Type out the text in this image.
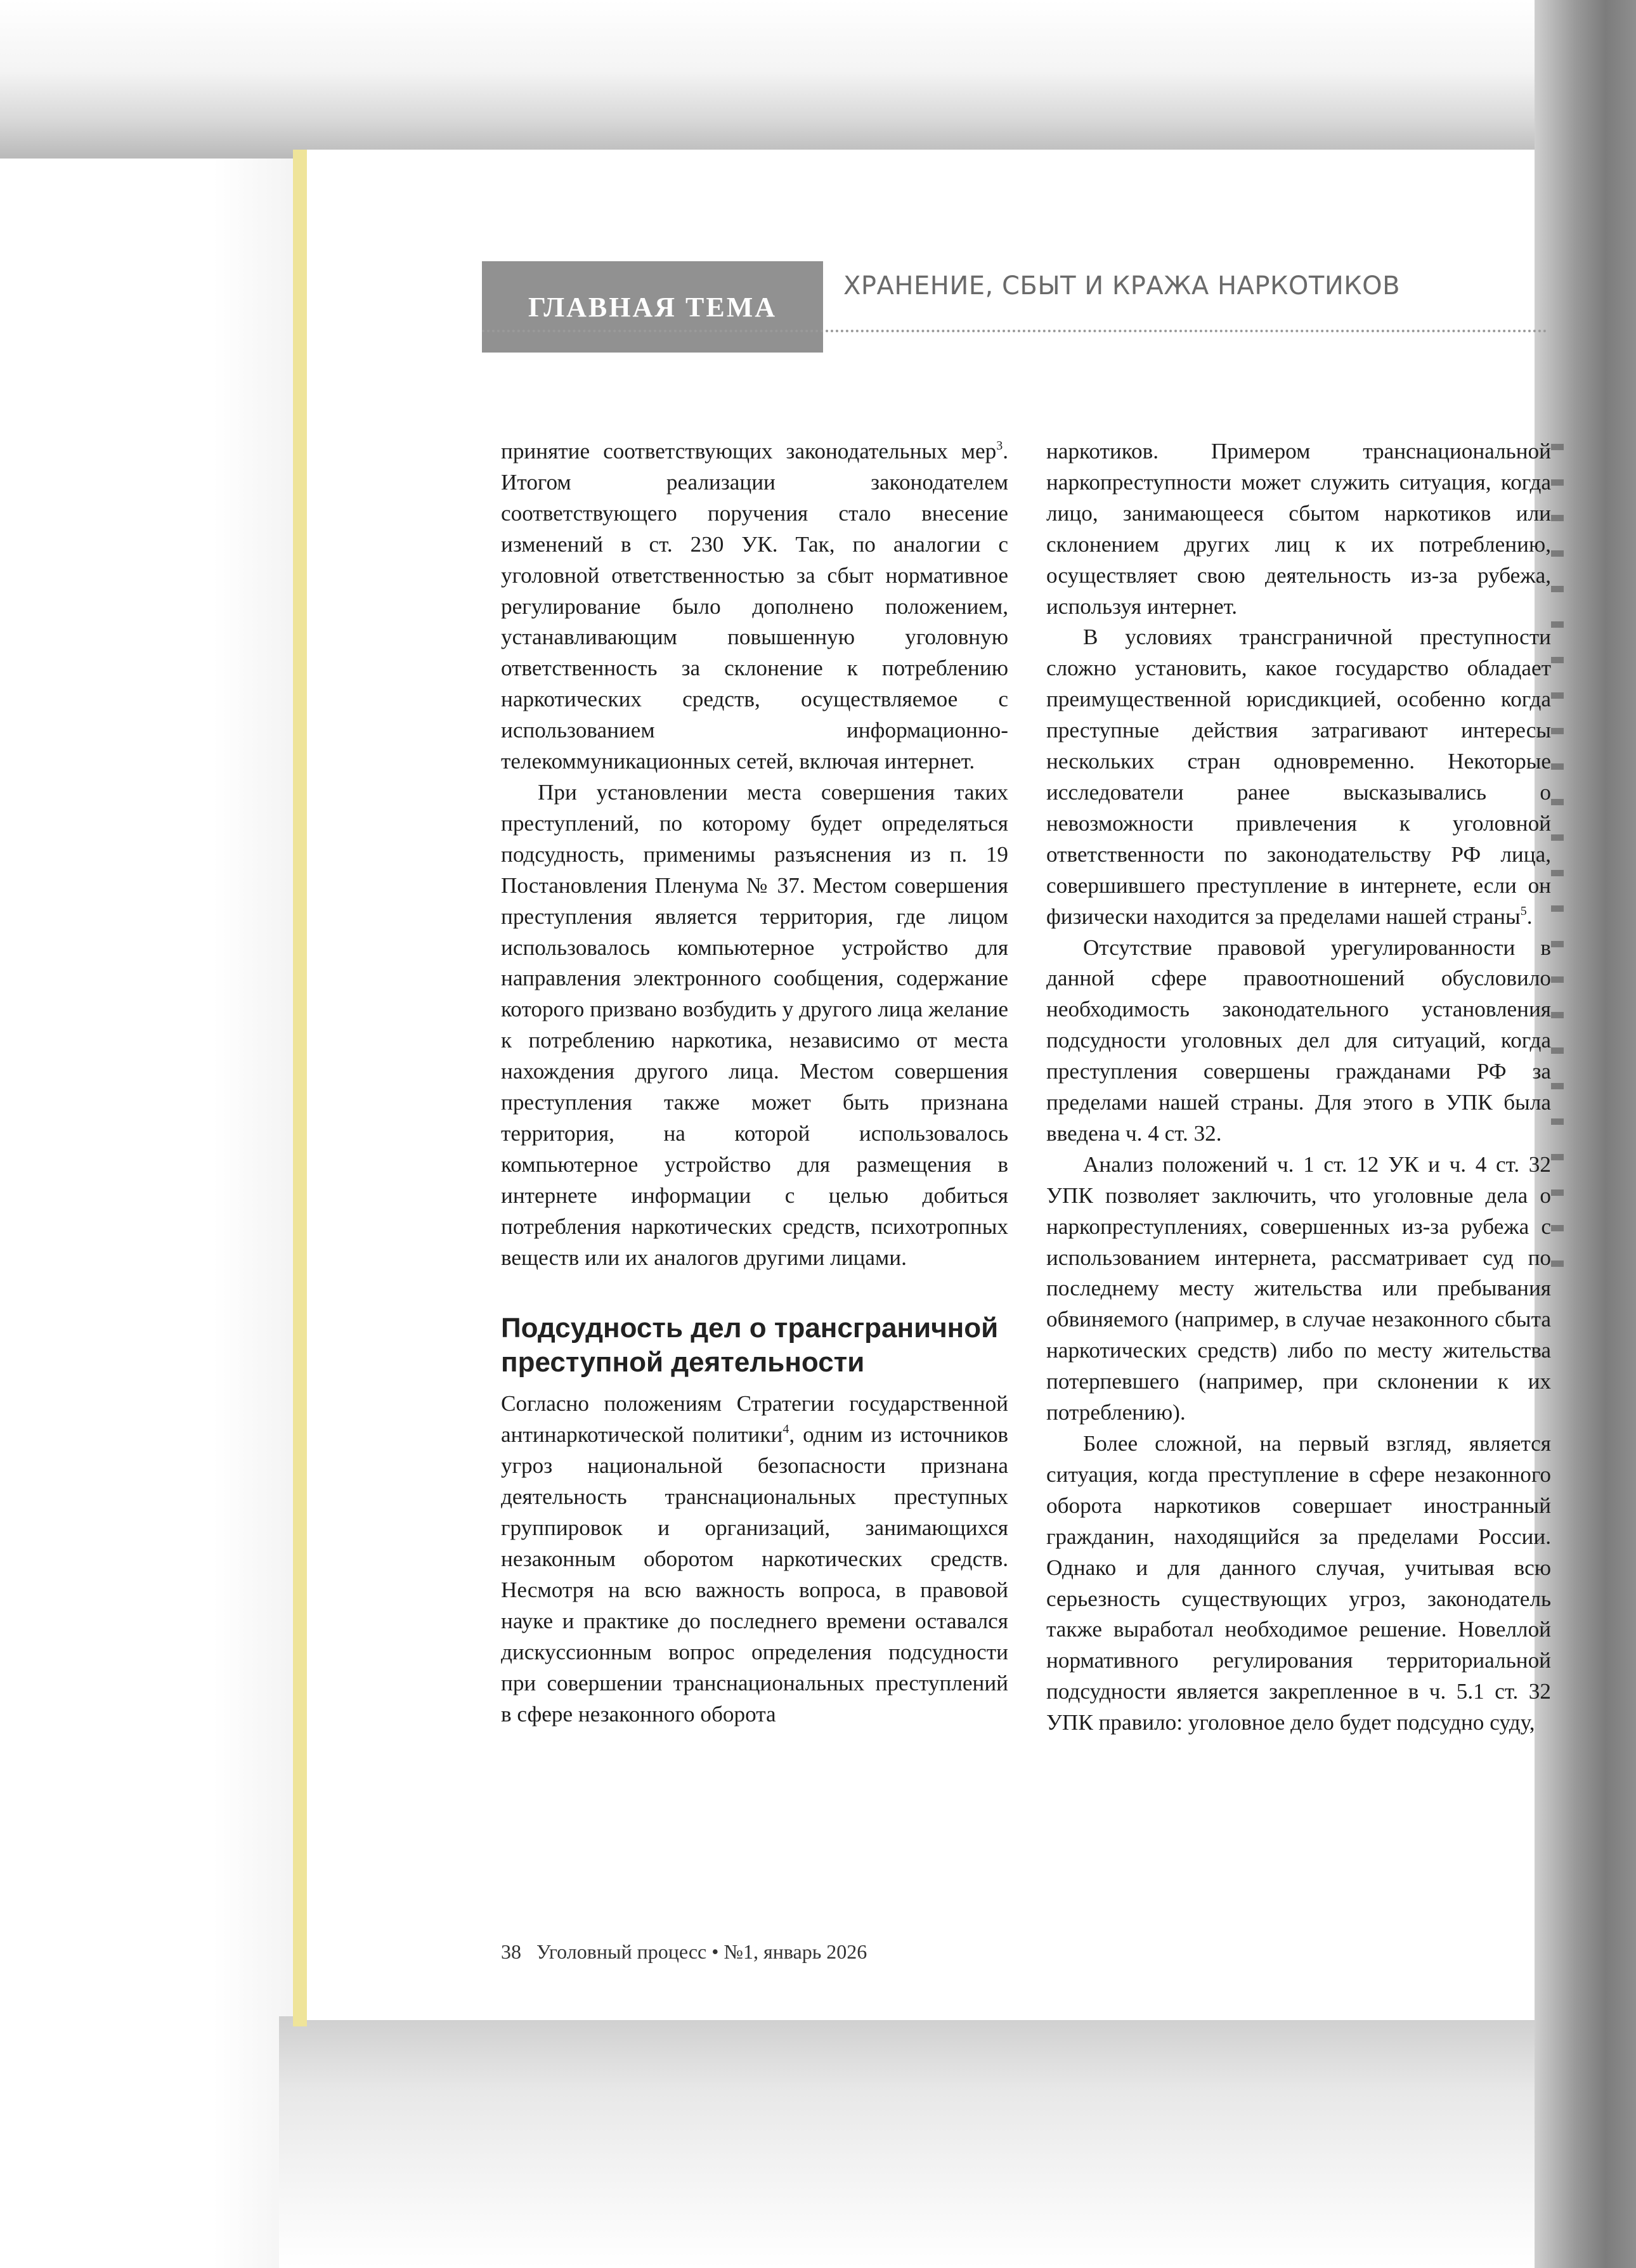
ГЛАВНАЯ ТЕМА
ХРАНЕНИЕ, СБЫТ И КРАЖА НАРКОТИКОВ

принятие соответствующих законодательных мер$^3$. Итогом реализации законодателем соответствующего поручения стало внесение изменений в ст. 230 УК. Так, по аналогии с уголовной ответственностью за сбыт нормативное регулирование было дополнено положением, устанавливающим повышенную уголовную ответственность за склонение к потреблению наркотических средств, осуществляемое с использованием информационно-телекоммуникационных сетей, включая интернет.

При установлении места совершения таких преступлений, по которому будет определяться подсудность, применимы разъяснения из п. 19 Постановления Пленума № 37. Местом совершения преступления является территория, где лицом использовалось компьютерное устройство для направления электронного сообщения, содержание которого призвано возбудить у другого лица желание к потреблению наркотика, независимо от места нахождения другого лица. Местом совершения преступления также может быть признана территория, на которой использовалось компьютерное устройство для размещения в интернете информации с целью добиться потребления наркотических средств, психотропных веществ или их аналогов другими лицами.

Подсудность дел о трансграничной преступной деятельности

Согласно положениям Стратегии государственной антинаркотической политики$^4$, одним из источников угроз национальной безопасности признана деятельность транснациональных преступных группировок и организаций, занимающихся незаконным оборотом наркотических средств. Несмотря на всю важность вопроса, в правовой науке и практике до последнего времени оставался дискуссионным вопрос определения подсудности при совершении транснациональных преступлений в сфере незаконного оборота

наркотиков. Примером транснациональной наркопреступности может служить ситуация, когда лицо, занимающееся сбытом наркотиков или склонением других лиц к их потреблению, осуществляет свою деятельность из-за рубежа, используя интернет.

В условиях трансграничной преступности сложно установить, какое государство обладает преимущественной юрисдикцией, особенно когда преступные действия затрагивают интересы нескольких стран одновременно. Некоторые исследователи ранее высказывались о невозможности привлечения к уголовной ответственности по законодательству РФ лица, совершившего преступление в интернете, если он физически находится за пределами нашей страны$^5$.

Отсутствие правовой урегулированности в данной сфере правоотношений обусловило необходимость законодательного установления подсудности уголовных дел для ситуаций, когда преступления совершены гражданами РФ за пределами нашей страны. Для этого в УПК была введена ч. 4 ст. 32.

Анализ положений ч. 1 ст. 12 УК и ч. 4 ст. 32 УПК позволяет заключить, что уголовные дела о наркопреступлениях, совершенных из-за рубежа с использованием интернета, рассматривает суд по последнему месту жительства или пребывания обвиняемого (например, в случае незаконного сбыта наркотических средств) либо по месту жительства потерпевшего (например, при склонении к их потреблению).

Более сложной, на первый взгляд, является ситуация, когда преступление в сфере незаконного оборота наркотиков совершает иностранный гражданин, находящийся за пределами России. Однако и для данного случая, учитывая всю серьезность существующих угроз, законодатель также выработал необходимое решение. Новеллой нормативного регулирования территориальной подсудности является закрепленное в ч. 5.1 ст. 32 УПК правило: уголовное дело будет подсудно суду,

38   Уголовный процесс • №1, январь 2026
